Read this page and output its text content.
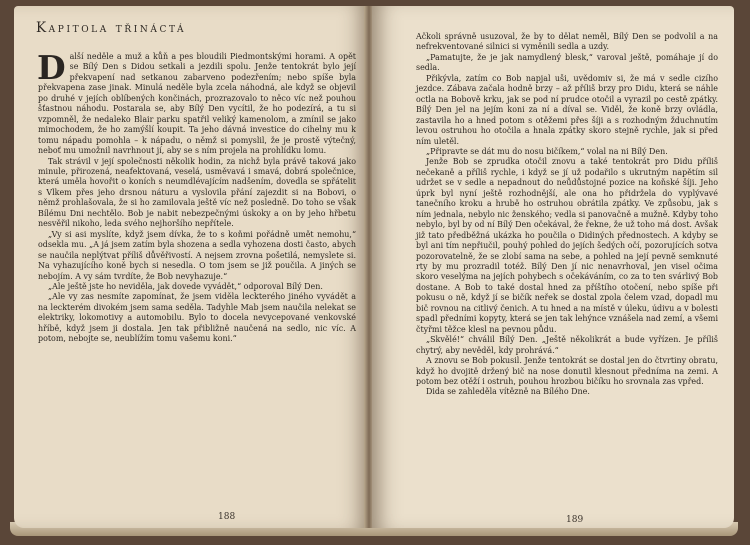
Kapitola třináctá

Další neděle a muž a kůň a pes bloudili Piedmontskými horami. A opět se Bílý Den s Didou setkali a jezdili spolu. Jenže tentokrát bylo její překvapení nad setkanou zabarveno podezřením; nebo spíše byla překvapena zase jinak. Minulá neděle byla zcela náhodná, ale když se objevil po druhé v jejích oblíbených končinách, prozrazovalo to něco víc než pouhou šťastnou náhodu. Postarala se, aby Bílý Den vycítil, že ho podezírá, a tu si vzpomněl, že nedaleko Blair parku spatřil veliký kamenolom, a zmínil se jako mimochodem, že ho zamýšlí koupit. Ta jeho dávná investice do cihelny mu k tomu nápadu pomohla – k nápadu, o němž si pomyslil, že je prostě výtečný, neboť mu umožnil navrhnout jí, aby se s ním projela na prohlídku lomu.

Tak strávil v její společnosti několik hodin, za nichž byla právě taková jako minule, přirozená, neafektovaná, veselá, usměvavá i smavá, dobrá společnice, která uměla hovořit o koních s neumdlévajícím nadšením, dovedla se spřátelit s Vlkem přes jeho drsnou náturu a vyslovila přání zajezdit si na Bobovi, o němž prohlašovala, že si ho zamilovala ještě víc než posledně. Do toho se však Bílému Dni nechtělo. Bob je nabit nebezpečnými úskoky a on by jeho hřbetu nesvěřil nikoho, leda svého nejhoršího nepřítele.

„Vy si asi myslíte, když jsem dívka, že to s koňmi pořádně umět nemohu,“ odsekla mu. „A já jsem zatím byla shozena a sedla vyhozena dosti často, abych se naučila neplýtvat příliš důvěřivostí. A nejsem zrovna pošetilá, nemyslete si. Na vyhazujícího koně bych si nesedla. O tom jsem se již poučila. A jiných se nebojím. A vy sám tvrdíte, že Bob nevyhazuje.“

„Ale ještě jste ho neviděla, jak dovede vyvádět,“ odporoval Bílý Den.

„Ale vy zas nesmíte zapomínat, že jsem viděla leckterého jiného vyvádět a na leckterém divokém jsem sama seděla. Tadyhle Mab jsem naučila nelekat se elektriky, lokomotivy a automobilu. Bylo to docela nevycepované venkovské hříbě, když jsem ji dostala. Jen tak přibližně naučená na sedlo, nic víc. A potom, nebojte se, neublížím tomu vašemu koni.“

188

Ačkoli správně usuzoval, že by to dělat neměl, Bílý Den se podvolil a na nefrekventované silnici si vyměnili sedla a uzdy.

„Pamatujte, že je jak namydlený blesk,“ varoval ještě, pomáhaje jí do sedla.

Přikývla, zatím co Bob napjal uši, uvědomiv si, že má v sedle cizího jezdce. Zábava začala hodně brzy – až příliš brzy pro Didu, která se náhle octla na Bobově krku, jak se pod ní prudce otočil a vyrazil po cestě zpátky. Bílý Den jel na jejím koni za ní a díval se. Viděl, že koně brzy ovládla, zastavila ho a hned potom s otěžemi přes šíji a s rozhodným žduchnutím levou ostruhou ho otočila a hnala zpátky skoro stejně rychle, jak si před ním uletěl.

„Připravte se dát mu do nosu bičíkem,“ volal na ni Bílý Den.

Jenže Bob se zprudka otočil znovu a také tentokrát pro Didu příliš nečekaně a příliš rychle, i když se jí už podařilo s ukrutným napětím sil udržet se v sedle a nepadnout do neůdůstojné pozice na koňské šíji. Jeho úprk byl nyní ještě rozhodnější, ale ona ho přidržela do vyplývavé tanečního kroku a hrubě ho ostruhou obrátila zpátky. Ve způsobu, jak s ním jednala, nebylo nic ženského; vedla si panovačně a mužně. Kdyby toho nebylo, byl by od ní Bílý Den očekával, že řekne, že už toho má dost. Avšak již tato předběžná ukázka ho poučila o Didiných přednostech. A kdyby se byl ani tím nepřiučil, pouhý pohled do jejích šedých očí, pozorujících sotva pozorovatelně, že se zlobí sama na sebe, a pohled na její pevně semknuté rty by mu prozradil totéž. Bílý Den jí nic nenavrhoval, jen visel očima skoro veselýma na jejích pohybech s očekáváním, co za to ten svárlivý Bob dostane. A Bob to také dostal hned za příštího otočení, nebo spíše při pokusu o ně, když jí se bičík neřek se dostal zpola čelem vzad, dopadl mu bič rovnou na citlivý čenich. A tu hned a na místě v úleku, údivu a v bolesti spadl předními kopyty, která se jen tak lehýnce vznášela nad zemí, a všemi čtyřmi těžce klesl na pevnou půdu.

„Skvělé!“ chválil Bílý Den. „Ještě několikrát a bude vyřízen. Je příliš chytrý, aby nevěděl, kdy prohrává.“

A znovu se Bob pokusil. Jenže tentokrát se dostal jen do čtvrtiny obratu, když ho dvojitě držený bič na nose donutil klesnout předníma na zemi. A potom bez otěží i ostruh, pouhou hrozbou bičíku ho srovnala zas vpřed.

Dida se zahleděla vítězně na Bílého Dne.

189
